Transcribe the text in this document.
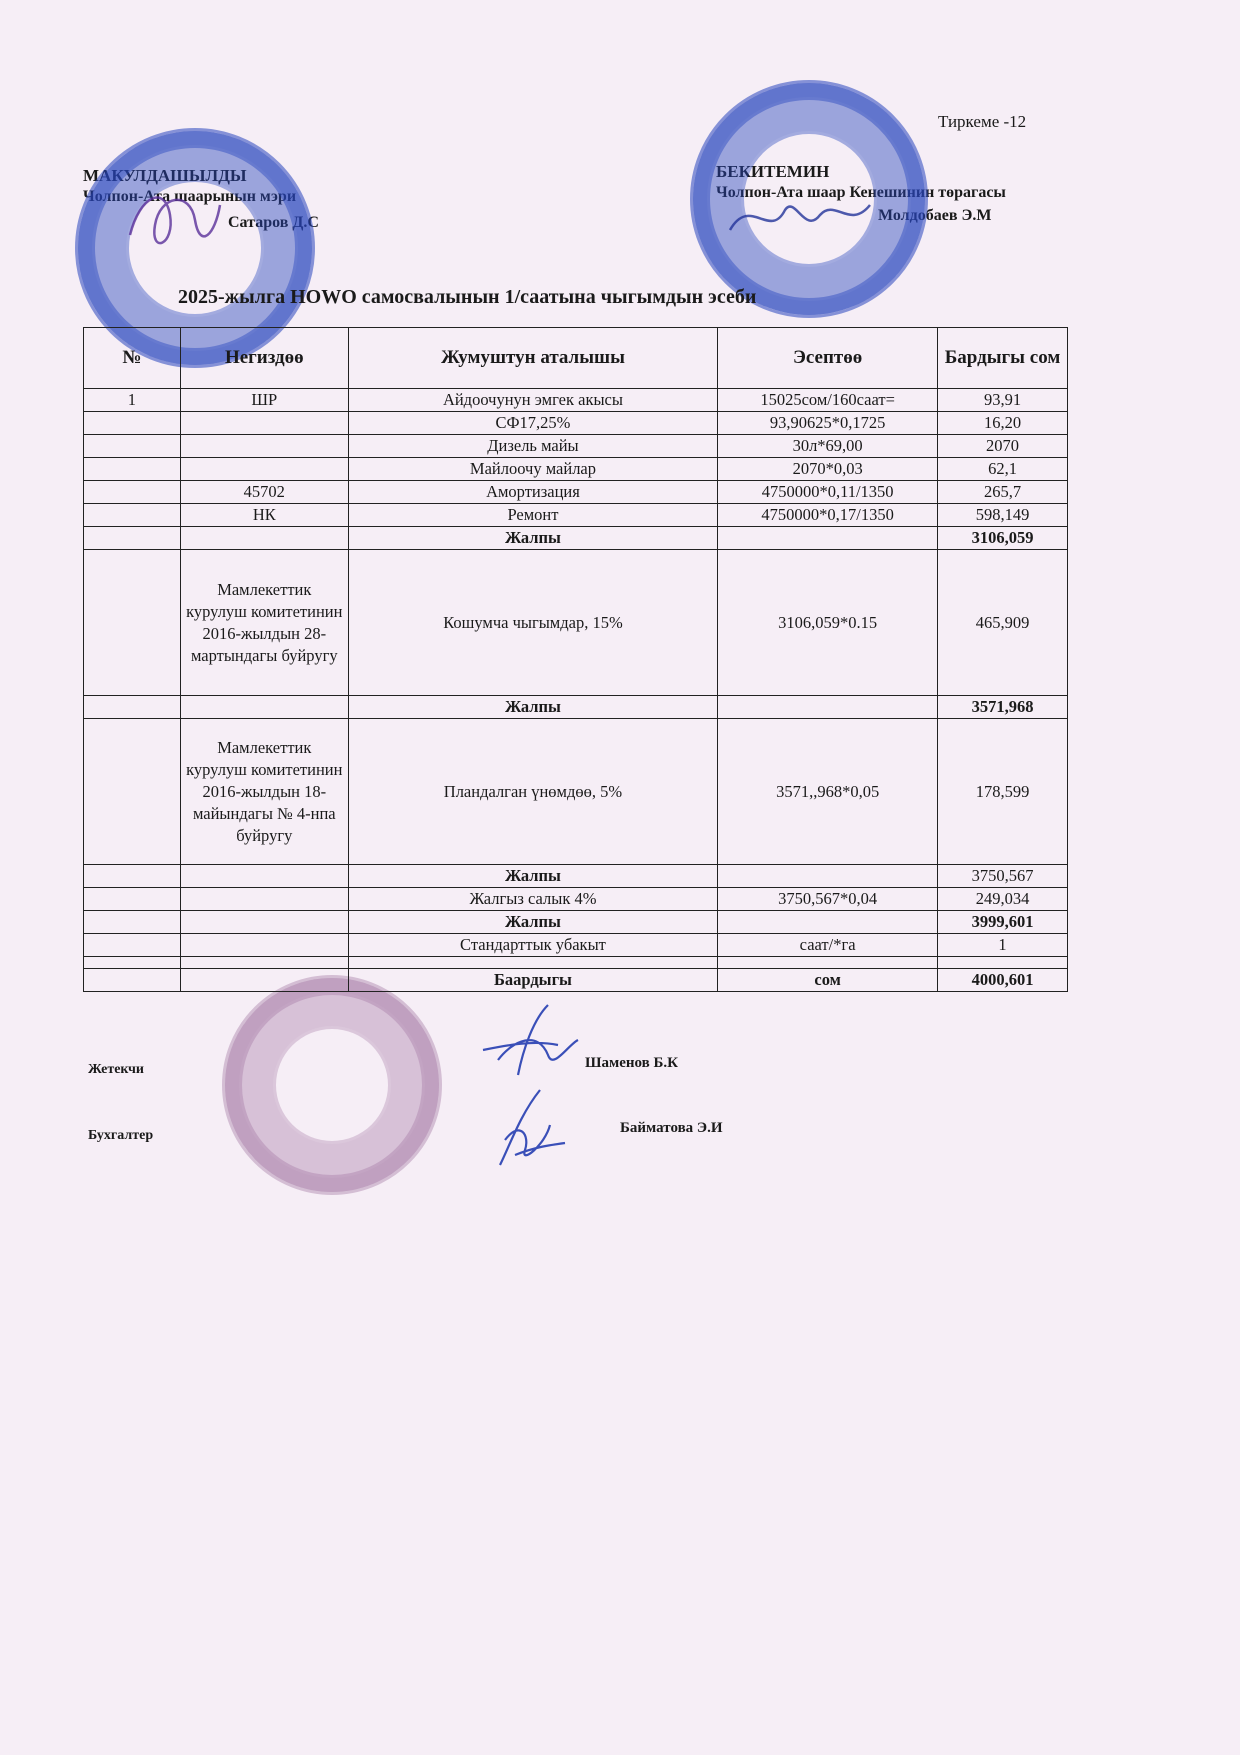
Тиркеме -12
МАКУЛДАШЫЛДЫ
Чолпон-Ата шаарынын мэри
Сатаров Д.С
БЕКИТЕМИН
Чолпон-Ата шаар Кенешинин төрагасы
Молдобаев Э.М
2025-жылга HOWO самосвалынын 1/саатына чыгымдын эсеби
№	Негиздөө	Жумуштун аталышы	Эсептөө	Бардыгы сом
1	ШР	Айдоочунун эмгек акысы	15025сом/160саат=	93,91
		СФ17,25%	93,90625*0,1725	16,20
		Дизель майы	30л*69,00	2070
		Майлоочу майлар	2070*0,03	62,1
	45702	Амортизация	4750000*0,11/1350	265,7
	НК	Ремонт	4750000*0,17/1350	598,149
		Жалпы		3106,059
	Мамлекеттик курулуш комитетинин 2016-жылдын 28-мартындагы буйругу	Кошумча чыгымдар, 15%	3106,059*0.15	465,909
		Жалпы		3571,968
	Мамлекеттик курулуш комитетинин 2016-жылдын 18-майындагы № 4-нпа буйругу	Пландалган үнөмдөө, 5%	3571,,968*0,05	178,599
		Жалпы		3750,567
		Жалгыз салык 4%	3750,567*0,04	249,034
		Жалпы		3999,601
		Стандарттык убакыт	саат/*га	1

		Баардыгы	сом	4000,601
Жетекчи	Шаменов Б.К
Бухгалтер	Байматова Э.И
